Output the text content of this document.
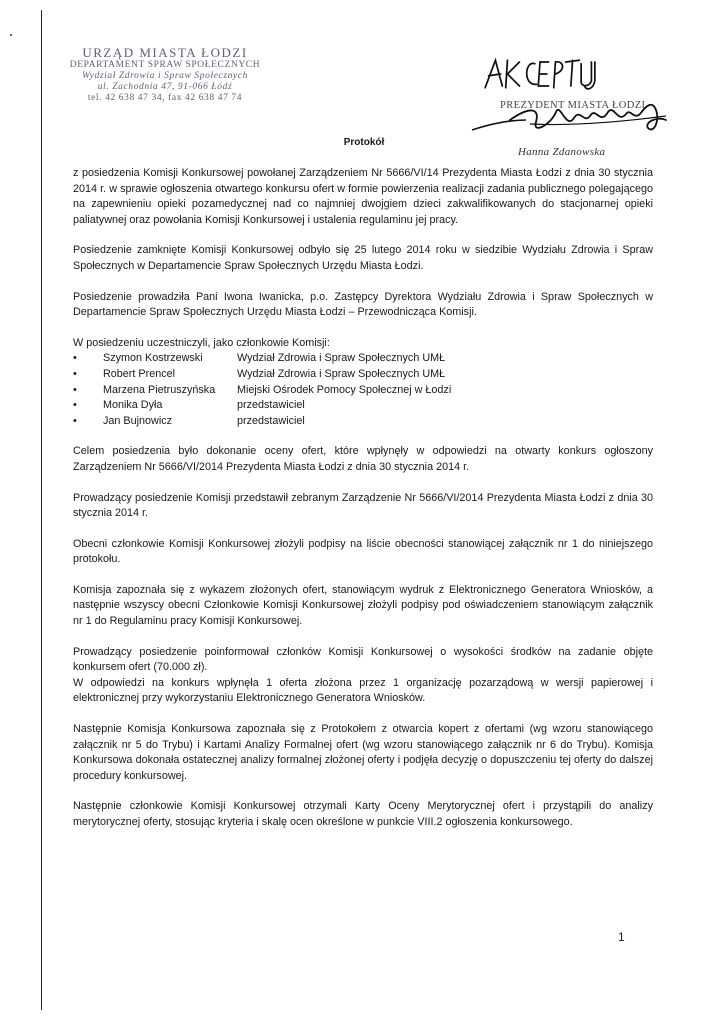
URZĄD MIASTA ŁODZI
DEPARTAMENT SPRAW SPOŁECZNYCH
Wydział Zdrowia i Spraw Społecznych
ul. Zachodnia 47, 91-066 Łódź
tel. 42 638 47 34, fax 42 638 47 74
PREZYDENT MIASTA ŁODZI
Hanna Zdanowska
Protokół

z posiedzenia Komisji Konkursowej powołanej Zarządzeniem Nr 5666/VI/14 Prezydenta Miasta Łodzi z dnia 30 stycznia 2014 r. w sprawie ogłoszenia otwartego konkursu ofert w formie powierzenia realizacji zadania publicznego polegającego na zapewnieniu opieki pozamedycznej nad co najmniej dwojgiem dzieci zakwalifikowanych do stacjonarnej opieki paliatywnej oraz powołania Komisji Konkursowej i ustalenia regulaminu jej pracy.

Posiedzenie zamknięte Komisji Konkursowej odbyło się 25 lutego 2014 roku w siedzibie Wydziału Zdrowia i Spraw Społecznych w Departamencie Spraw Społecznych Urzędu Miasta Łodzi.

Posiedzenie prowadziła Pani Iwona Iwanicka, p.o. Zastępcy Dyrektora Wydziału Zdrowia i Spraw Społecznych w Departamencie Spraw Społecznych Urzędu Miasta Łodzi – Przewodnicząca Komisji.

W posiedzeniu uczestniczyli, jako członkowie Komisji:

•	Szymon Kostrzewski	Wydział Zdrowia i Spraw Społecznych UMŁ
•	Robert Prencel	Wydział Zdrowia i Spraw Społecznych UMŁ
•	Marzena Pietruszyńska	Miejski Ośrodek Pomocy Społecznej w Łodzi
•	Monika Dyła	przedstawiciel
•	Jan Bujnowicz	przedstawiciel

Celem posiedzenia było dokonanie oceny ofert, które wpłynęły w odpowiedzi na otwarty konkurs ogłoszony Zarządzeniem Nr 5666/VI/2014 Prezydenta Miasta Łodzi z dnia 30 stycznia 2014 r.

Prowadzący posiedzenie Komisji przedstawił zebranym Zarządzenie Nr 5666/VI/2014 Prezydenta Miasta Łodzi z dnia 30 stycznia 2014 r.

Obecni członkowie Komisji Konkursowej złożyli podpisy na liście obecności stanowiącej załącznik nr 1 do niniejszego protokołu.

Komisja zapoznała się z wykazem złożonych ofert, stanowiącym wydruk z Elektronicznego Generatora Wniosków, a następnie wszyscy obecni Członkowie Komisji Konkursowej złożyli podpisy pod oświadczeniem stanowiącym załącznik nr 1 do Regulaminu pracy Komisji Konkursowej.

Prowadzący posiedzenie poinformował członków Komisji Konkursowej o wysokości środków na zadanie objęte konkursem ofert (70.000 zł).

W odpowiedzi na konkurs wpłynęła 1 oferta złożona przez 1 organizację pozarządową w wersji papierowej i elektronicznej przy wykorzystaniu Elektronicznego Generatora Wniosków.

Następnie Komisja Konkursowa zapoznała się z Protokołem z otwarcia kopert z ofertami (wg wzoru stanowiącego załącznik nr 5 do Trybu) i Kartami Analizy Formalnej ofert (wg wzoru stanowiącego załącznik nr 6 do Trybu). Komisja Konkursowa dokonała ostatecznej analizy formalnej złożonej oferty i podjęła decyzję o dopuszczeniu tej oferty do dalszej procedury konkursowej.

Następnie członkowie Komisji Konkursowej otrzymali Karty Oceny Merytorycznej ofert i przystąpili do analizy merytorycznej oferty, stosując kryteria i skalę ocen określone w punkcie VIII.2 ogłoszenia konkursowego.

1
